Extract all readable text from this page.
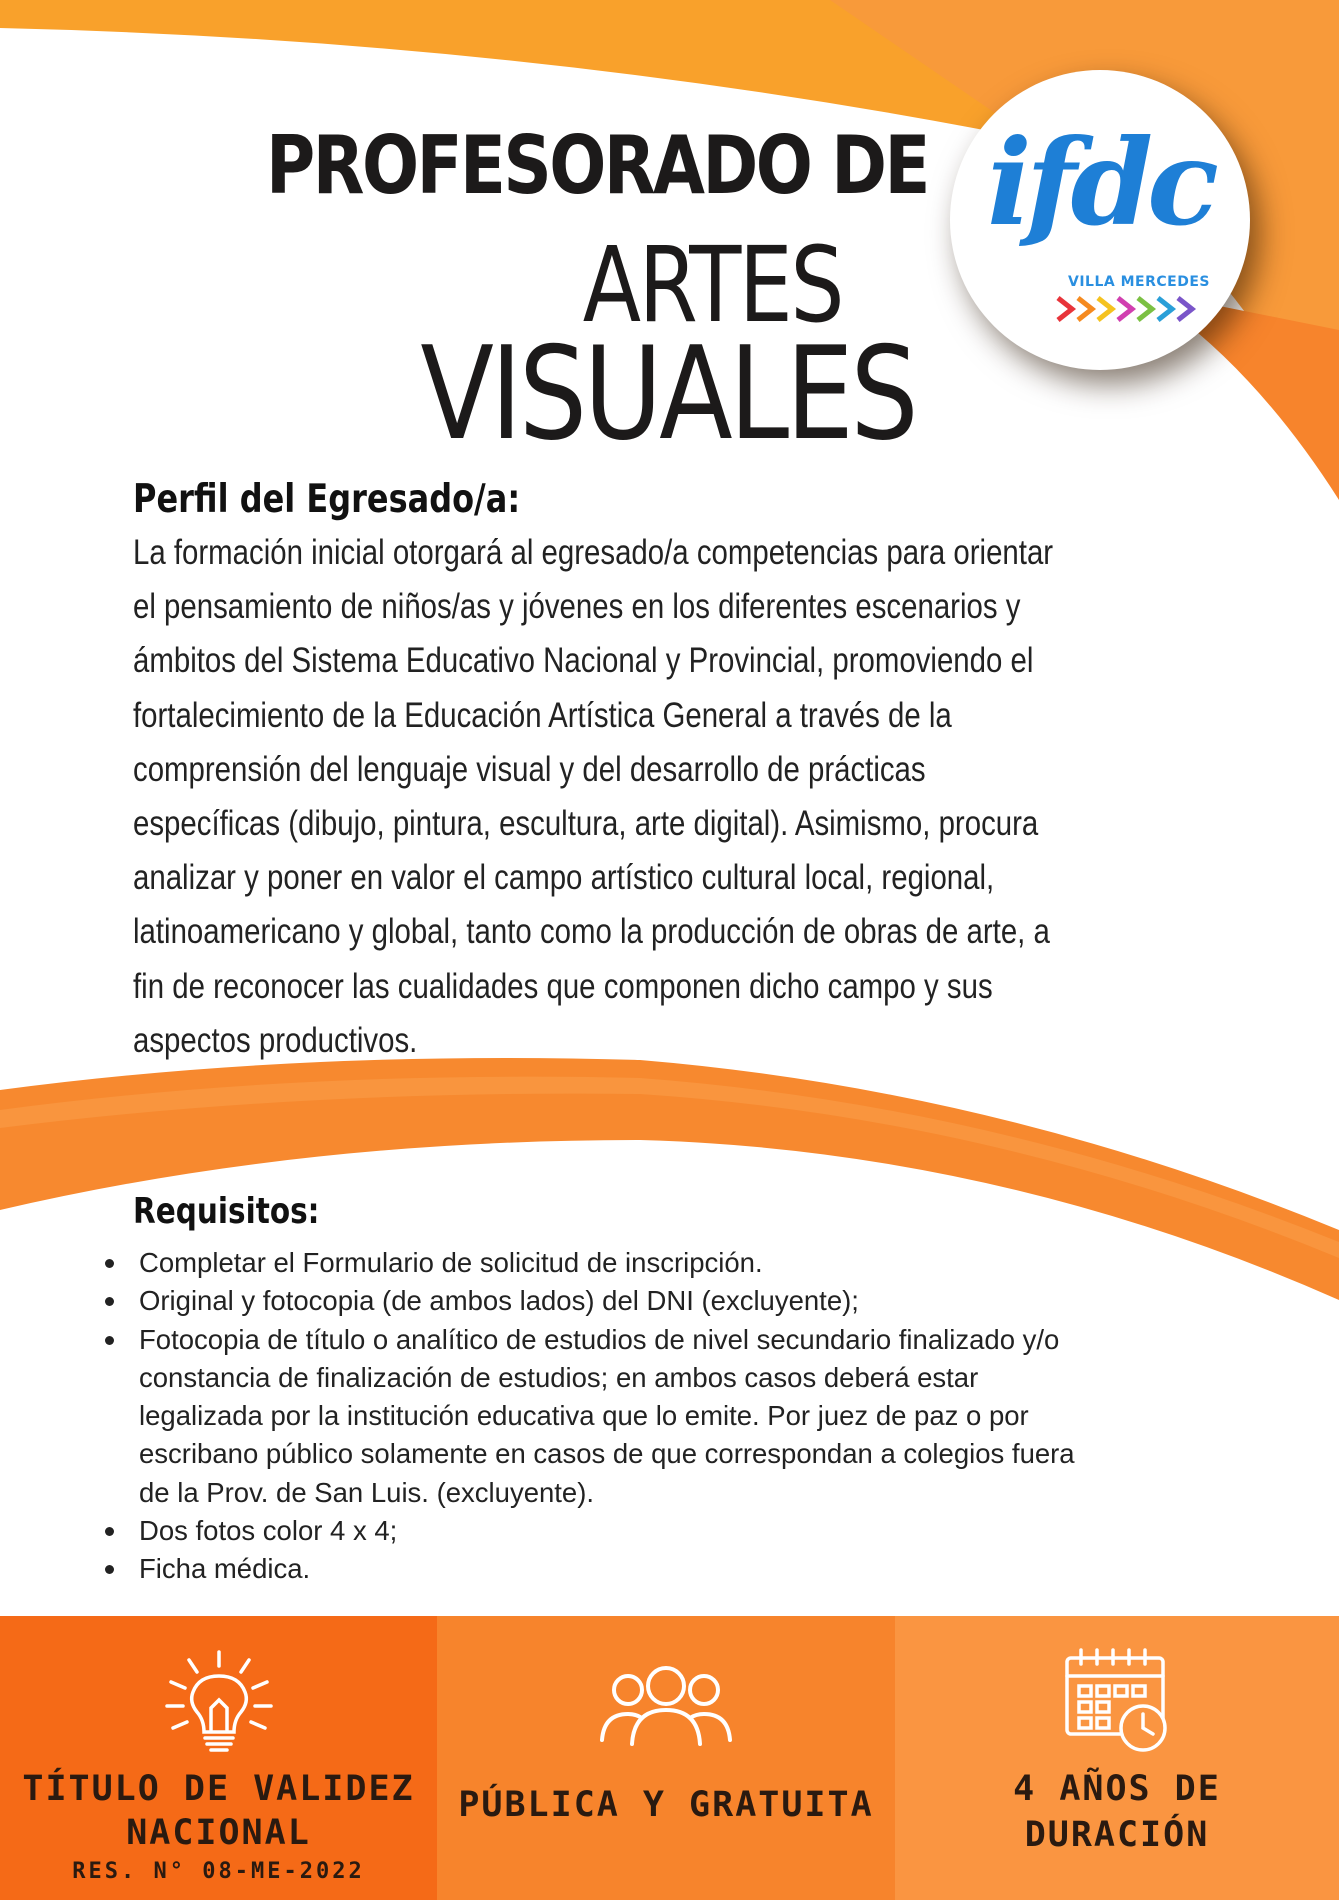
PROFESORADO DE
ARTES
VISUALES
ifdc
VILLA MERCEDES
Perfil del Egresado/a:
La formación inicial otorgará al egresado/a competencias para orientar
el pensamiento de niños/as y jóvenes en los diferentes escenarios y
ámbitos del Sistema Educativo Nacional y Provincial, promoviendo el
fortalecimiento de la Educación Artística General a través de la
comprensión del lenguaje visual y del desarrollo de prácticas
específicas (dibujo, pintura, escultura, arte digital). Asimismo, procura
analizar y poner en valor el campo artístico cultural local, regional,
latinoamericano y global, tanto como la producción de obras de arte, a
fin de reconocer las cualidades que componen dicho campo y sus
aspectos productivos.
Requisitos:
Completar el Formulario de solicitud de inscripción.
Original y fotocopia (de ambos lados) del DNI (excluyente);
Fotocopia de título o analítico de estudios de nivel secundario finalizado y/o
constancia de finalización de estudios; en ambos casos deberá estar
legalizada por la institución educativa que lo emite. Por juez de paz o por
escribano público solamente en casos de que correspondan a colegios fuera
de la Prov. de San Luis. (excluyente).
Dos fotos color 4 x 4;
Ficha médica.
TÍTULO DE VALIDEZ
NACIONAL
RES. N° 08-ME-2022
PÚBLICA Y GRATUITA	4 AÑOS DE
DURACIÓN
